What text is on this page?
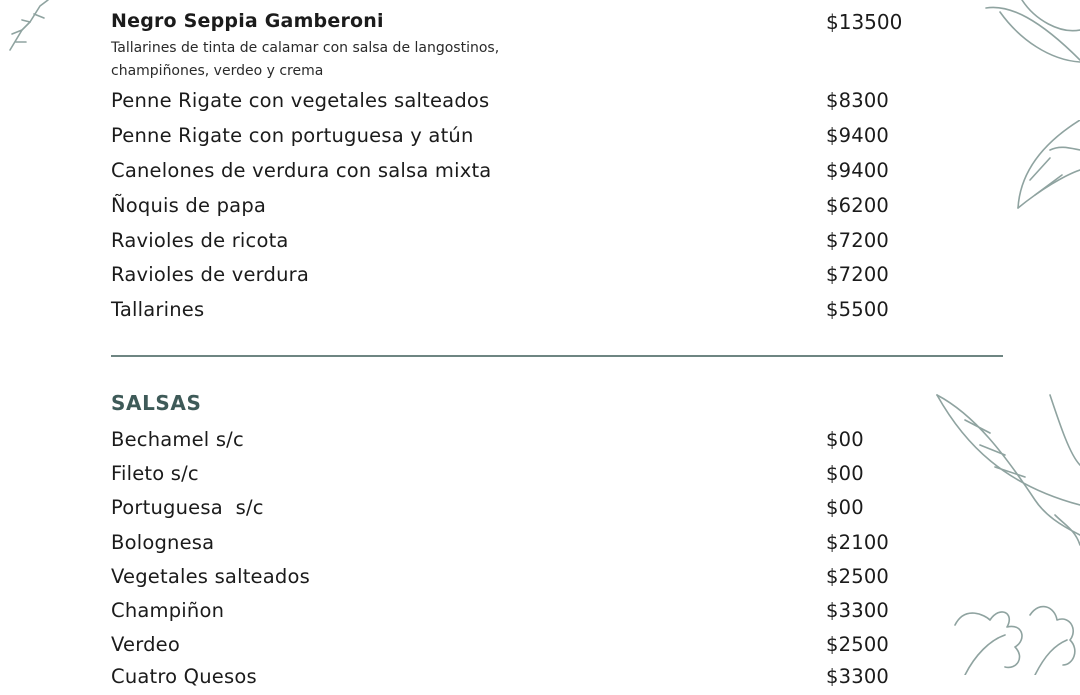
Negro Seppia Gamberoni	$13500
Tallarines de tinta de calamar con salsa de langostinos, champiñones, verdeo y crema
Penne Rigate con vegetales salteados	$8300
Penne Rigate con portuguesa y atún	$9400
Canelones de verdura con salsa mixta	$9400
Ñoquis de papa	$6200
Ravioles de ricota	$7200
Ravioles de verdura	$7200
Tallarines	$5500
SALSAS
Bechamel s/c	$00
Fileto s/c	$00
Portuguesa  s/c	$00
Bolognesa	$2100
Vegetales salteados	$2500
Champiñon	$3300
Verdeo	$2500
Cuatro Quesos	$3300
